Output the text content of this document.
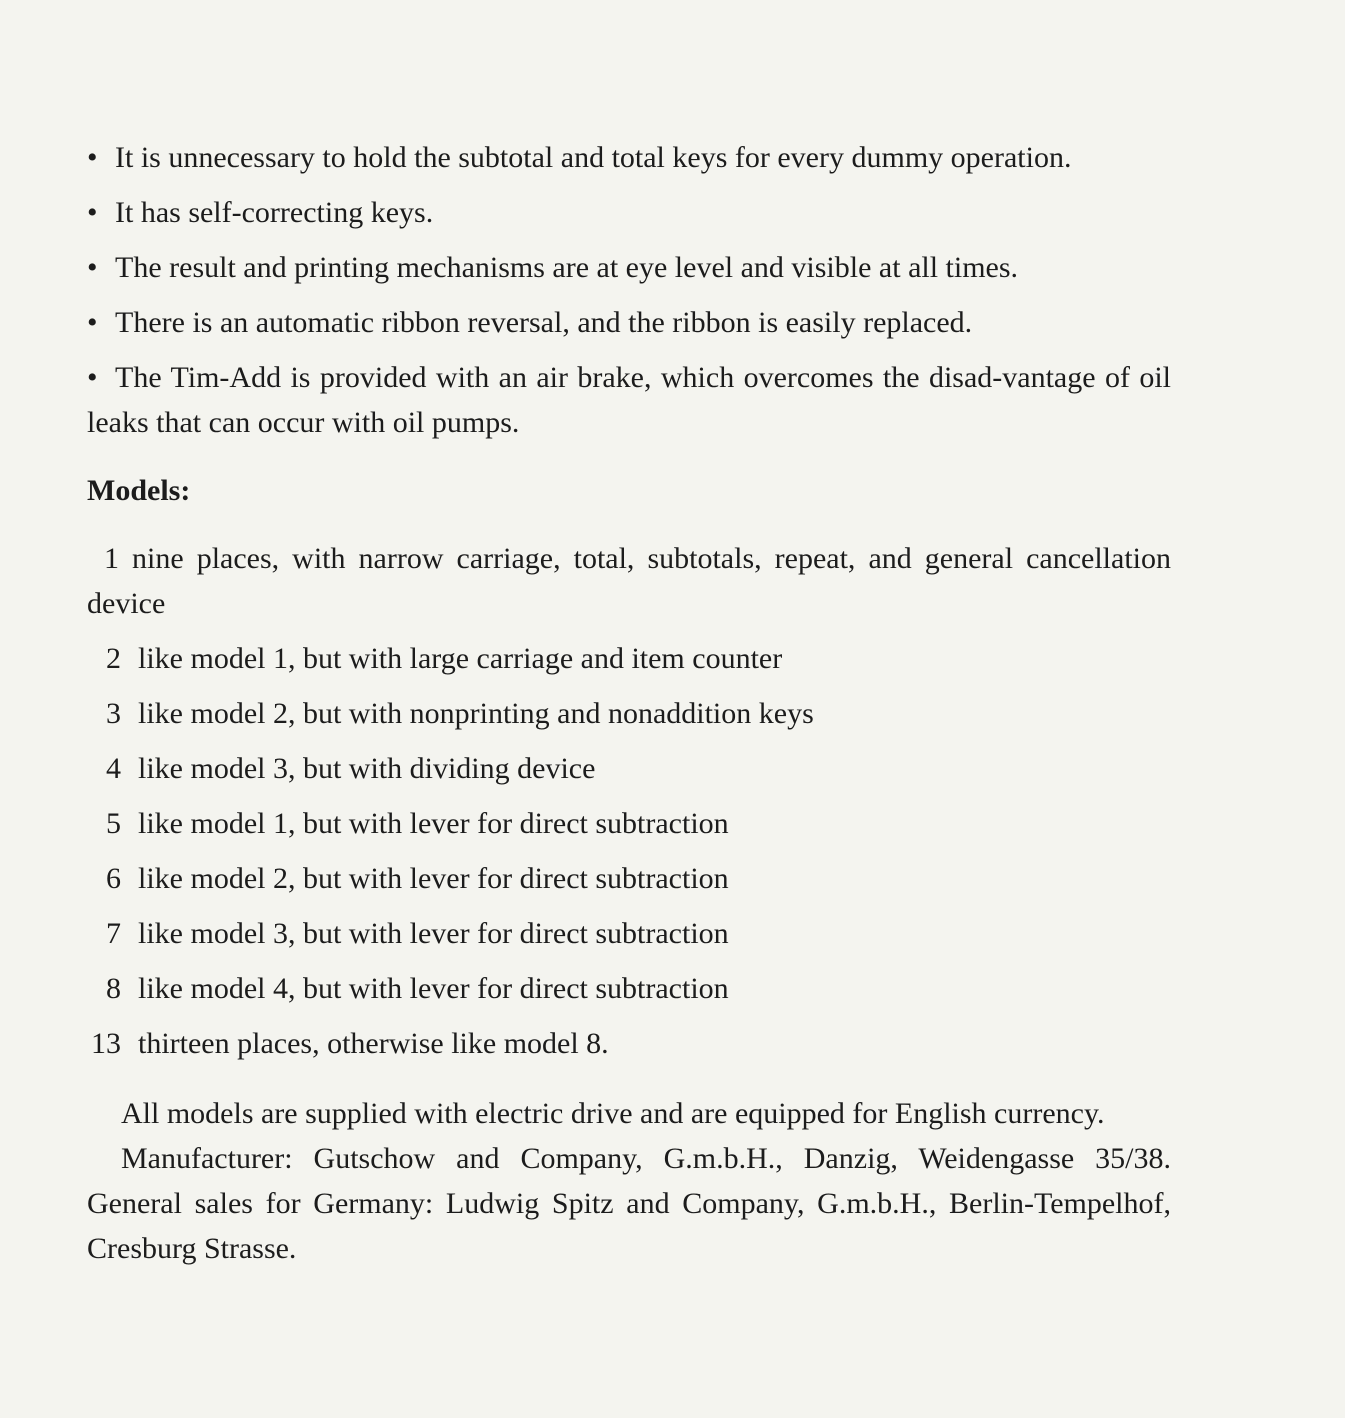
• It is unnecessary to hold the subtotal and total keys for every dummy operation.

• It has self-correcting keys.

• The result and printing mechanisms are at eye level and visible at all times.

• There is an automatic ribbon reversal, and the ribbon is easily replaced.

• The Tim-Add is provided with an air brake, which overcomes the disad-vantage of oil leaks that can occur with oil pumps.

Models:

1 nine places, with narrow carriage, total, subtotals, repeat, and general cancellation device

2 like model 1, but with large carriage and item counter
3 like model 2, but with nonprinting and nonaddition keys
4 like model 3, but with dividing device
5 like model 1, but with lever for direct subtraction
6 like model 2, but with lever for direct subtraction
7 like model 3, but with lever for direct subtraction
8 like model 4, but with lever for direct subtraction
13 thirteen places, otherwise like model 8.

All models are supplied with electric drive and are equipped for English currency.

Manufacturer: Gutschow and Company, G.m.b.H., Danzig, Weidengasse 35/38. General sales for Germany: Ludwig Spitz and Company, G.m.b.H., Berlin-Tempelhof, Cresburg Strasse.
